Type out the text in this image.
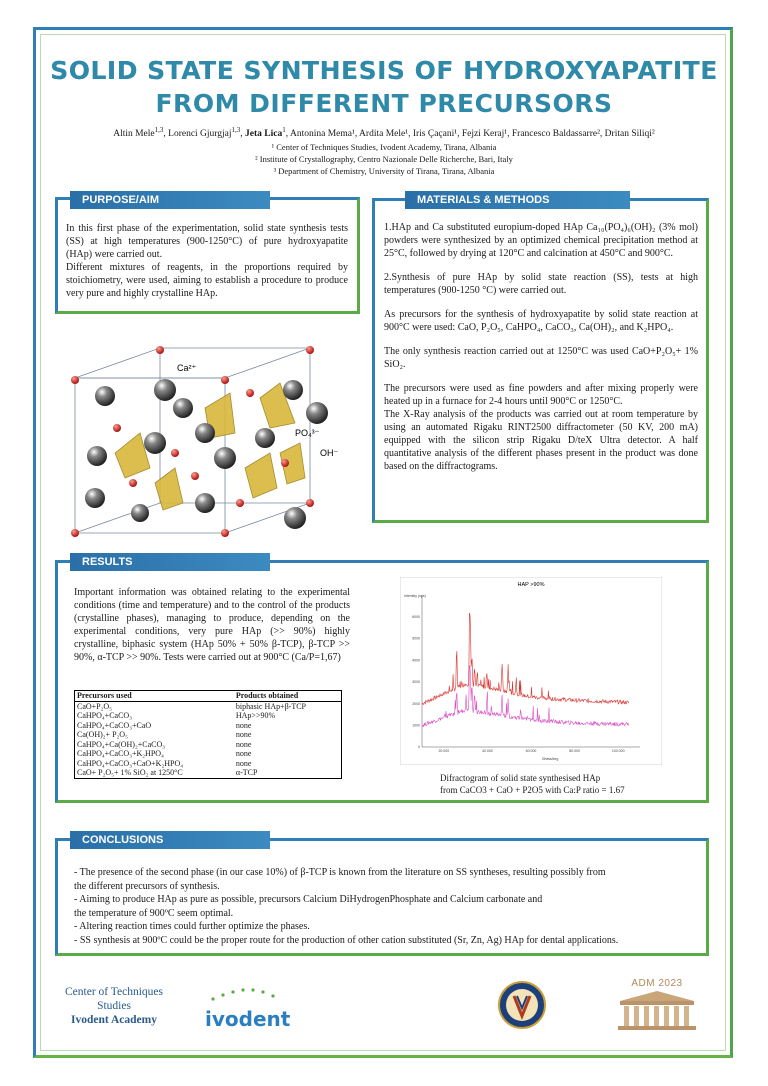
SOLID STATE SYNTHESIS OF HYDROXYAPATITE
FROM DIFFERENT PRECURSORS
Altin Mele$^{1,3}$, Lorenci Gjurgjaj$^{1,3}$, Jeta Lica$^1$, Antonina Mema¹, Ardita Mele¹, Iris Çaçani¹, Fejzi Keraj¹, Francesco Baldassarre², Dritan Siliqi²
¹ Center of Techniques Studies, Ivodent Academy, Tirana, Albania
² Institute of Crystallography, Centro Nazionale Delle Richerche, Bari, Italy
³ Department of Chemistry, University of Tirana, Tirana, Albania
PURPOSE/AIM
In this first phase of the experimentation, solid state synthesis tests (SS) at high temperatures (900-1250°C) of pure hydroxyapatite (HAp) were carried out.
Different mixtures of reagents, in the proportions required by stoichiometry, were used, aiming to establish a procedure to produce very pure and highly crystalline HAp.
Ca²⁺
PO₄³⁻
OH⁻
MATERIALS & METHODS

1.HAp and Ca substituted europium-doped HAp Ca₁₀(PO₄)₆(OH)₂ (3% mol) powders were synthesized by an optimized chemical precipitation method at 25°C, followed by drying at 120°C and calcination at 450°C and 900°C.

2.Synthesis of pure HAp by solid state reaction (SS), tests at high temperatures (900-1250 °C) were carried out.

As precursors for the synthesis of hydroxyapatite by solid state reaction at 900°C were used: CaO, P₂O₅, CaHPO₄, CaCO₃, Ca(OH)₂, and K₂HPO₄.

The only synthesis reaction carried out at 1250°C was used CaO+P₂O₅+ 1% SiO₂.

The precursors were used as fine powders and after mixing properly were heated up in a furnace for 2-4 hours until 900°C or 1250°C.

The X-Ray analysis of the products was carried out at room temperature by using an automated Rigaku RINT2500 diffractometer (50 KV, 200 mA) equipped with the silicon strip Rigaku D/teX Ultra detector. A half quantitative analysis of the different phases present in the product was done based on the diffractograms.

RESULTS
Important information was obtained relating to the experimental conditions (time and temperature) and to the control of the products (crystalline phases), managing to produce, depending on the experimental conditions, very pure HAp (>> 90%) highly crystalline, biphasic system (HAp 50% + 50% β-TCP), β-TCP >> 90%, α-TCP >> 90%. Tests were carried out at 900°C (Ca/P=1,67)
Precursors used	Products obtained
CaO+P₂O₅	biphasic HAp+β-TCP
CaHPO₄+CaCO₃	HAp>>90%
CaHPO₄+CaCO₃+CaO	none
Ca(OH)₂+ P₂O₅	none
CaHPO₄+Ca(OH)₂+CaCO₃	none
CaHPO₄+CaCO₃+K₂HPO₄	none
CaHPO₄+CaCO₃+CaO+K₂HPO₄	none
CaO+ P₂O₅+ 1% SiO₂ at 1250°C	α-TCP
HAP >90%
Intensity (cps)
2theta/deg
0
1000
2000
3000
4000
5000
6000
20.000	40.000	60.000	80.000	100.000
Difractogram of solid state synthesised HAp
from CaCO3 + CaO + P2O5 with Ca:P ratio = 1.67
CONCLUSIONS
- The presence of the second phase (in our case 10%) of β-TCP is known from the literature on SS syntheses, resulting possibly from
the different precursors of synthesis.
- Aiming to produce HAp as pure as possible, precursors Calcium DiHydrogenPhosphate and Calcium carbonate and
the temperature of 900ºC seem optimal.
- Altering reaction times could further optimize the phases.
- SS synthesis at 900ºC could be the proper route for the production of other cation substituted (Sr, Zn, Ag) HAp for dental applications.
Center of Techniques
Studies
Ivodent Academy	ivodent
ADM 2023
